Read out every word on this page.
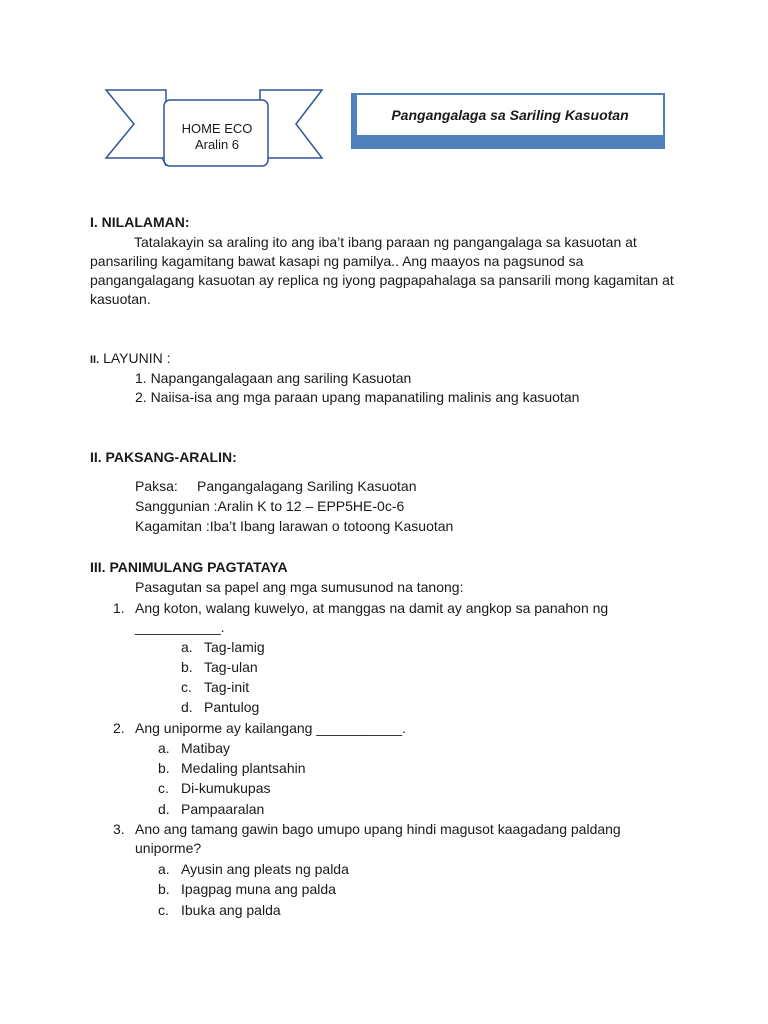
HOME ECO
Aralin 6
Pangangalaga sa Sariling Kasuotan
I. NILALAMAN:
Tatalakayin sa araling ito ang iba’t ibang paraan ng pangangalaga sa kasuotan at
pansariling kagamitang bawat kasapi ng pamilya.. Ang maayos na pagsunod sa
pangangalagang kasuotan ay replica ng iyong pagpapahalaga sa pansarili mong kagamitan at
kasuotan.
II. LAYUNIN :
1. Napangangalagaan ang sariling Kasuotan
2. Naiisa-isa ang mga paraan upang mapanatiling malinis ang kasuotan
II. PAKSANG-ARALIN:
Paksa: Pangangalagang Sariling Kasuotan
Sanggunian :Aralin K to 12 – EPP5HE-0c-6
Kagamitan :Iba’t Ibang larawan o totoong Kasuotan
III. PANIMULANG PAGTATAYA
Pasagutan sa papel ang mga sumusunod na tanong:
1. Ang koton, walang kuwelyo, at manggas na damit ay angkop sa panahon ng
___________.
a. Tag-lamig
b. Tag-ulan
c. Tag-init
d. Pantulog
2. Ang uniporme ay kailangang ___________.
a. Matibay
b. Medaling plantsahin
c. Di-kumukupas
d. Pampaaralan
3. Ano ang tamang gawin bago umupo upang hindi magusot kaagadang paldang
uniporme?
a. Ayusin ang pleats ng palda
b. Ipagpag muna ang palda
c. Ibuka ang palda
